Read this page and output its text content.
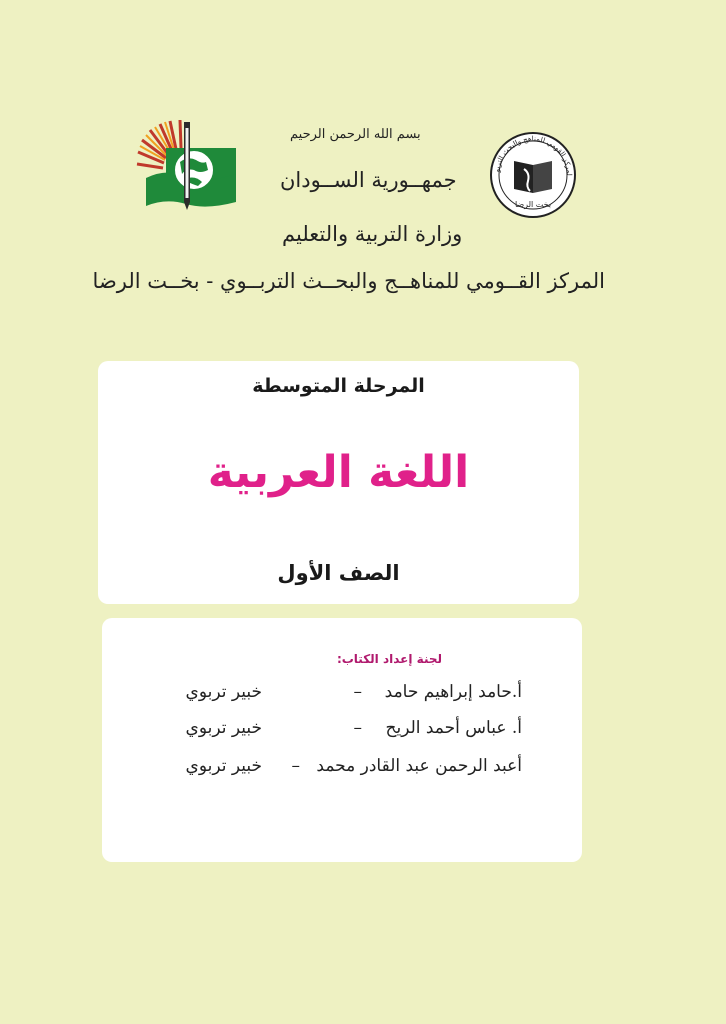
بسم الله الرحمن الرحيم
جمهــورية الســودان
وزارة التربية والتعليم
المركز القــومي للمناهــج والبحــث التربــوي - بخــت الرضا
لمركز القومي للمناهج والبحث التربو
بخت الرضا
المرحلة المتوسطة
اللغة العربية
الصف الأول
لجنة إعداد الكتاب:
أ.حامد إبراهيم حامد
–
خبير تربوي
أ. عباس أحمد الريح
–
خبير تربوي
أعبد الرحمن عبد القادر محمد
–
خبير تربوي
